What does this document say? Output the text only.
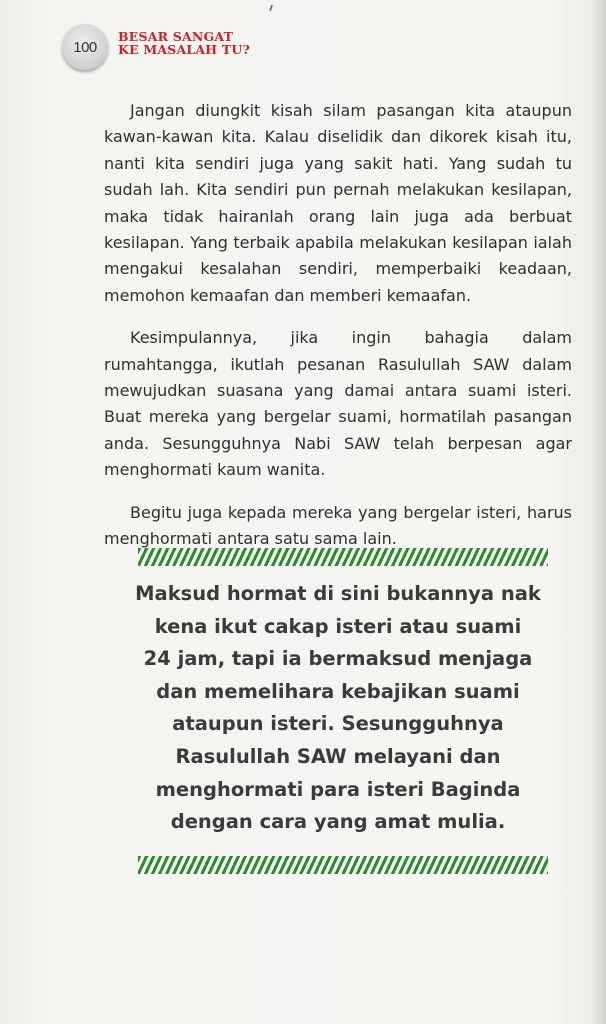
100
BESAR SANGAT
KE MASALAH TU?

Jangan diungkit kisah silam pasangan kita ataupun kawan-kawan kita. Kalau diselidik dan dikorek kisah itu, nanti kita sendiri juga yang sakit hati. Yang sudah tu sudah lah. Kita sendiri pun pernah melakukan kesilapan, maka tidak hairanlah orang lain juga ada berbuat kesilapan. Yang terbaik apabila melakukan kesilapan ialah mengakui kesalahan sendiri, memperbaiki keadaan, memohon kemaafan dan memberi kemaafan.

Kesimpulannya, jika ingin bahagia dalam rumahtangga, ikutlah pesanan Rasulullah SAW dalam mewujudkan suasana yang damai antara suami isteri. Buat mereka yang bergelar suami, hormatilah pasangan anda. Sesungguhnya Nabi SAW telah berpesan agar menghormati kaum wanita.

Begitu juga kepada mereka yang bergelar isteri, harus menghormati antara satu sama lain.

Maksud hormat di sini bukannya nak
kena ikut cakap isteri atau suami
24 jam, tapi ia bermaksud menjaga
dan memelihara kebajikan suami
ataupun isteri. Sesungguhnya
Rasulullah SAW melayani dan
menghormati para isteri Baginda
dengan cara yang amat mulia.
